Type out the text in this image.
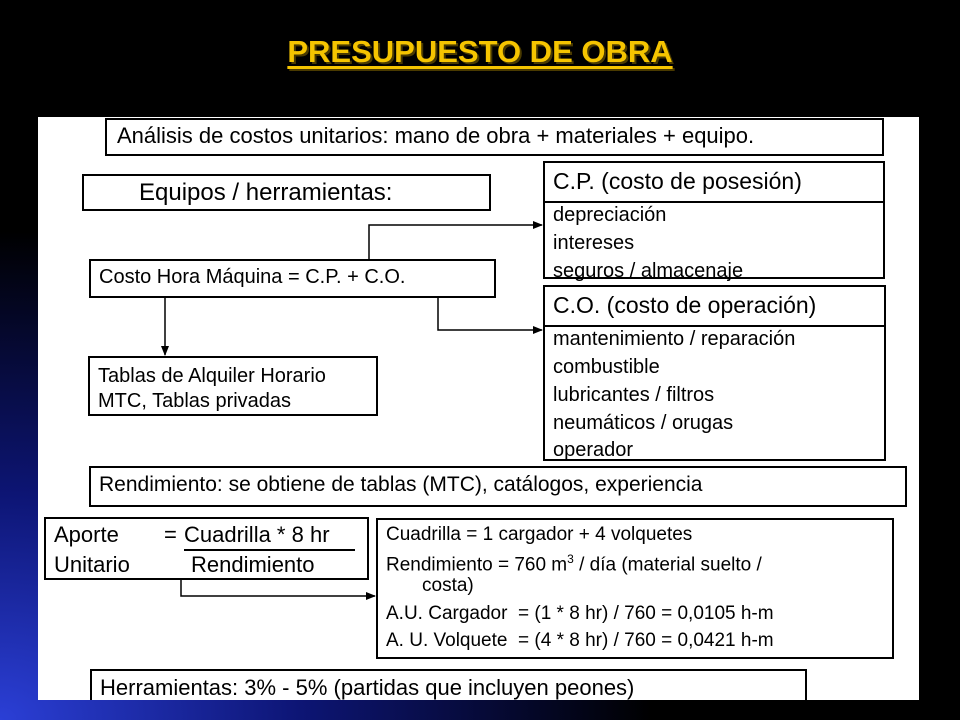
PRESUPUESTO DE OBRA
Análisis de costos unitarios: mano de obra + materiales + equipo.
Equipos / herramientas:
Costo Hora Máquina = C.P. + C.O.
Tablas de Alquiler Horario
MTC, Tablas privadas
C.P. (costo de posesión)
depreciación
intereses
seguros / almacenaje
C.O. (costo de operación)
mantenimiento / reparación
combustible
lubricantes / filtros
neumáticos / orugas
operador
Rendimiento: se obtiene de tablas (MTC), catálogos, experiencia
Aporte = Cuadrilla * 8 hr
Unitario	Rendimiento
Cuadrilla = 1 cargador + 4 volquetes
Rendimiento = 760 $m^3$ / día (material suelto /
costa)
A.U. Cargador  = (1 * 8 hr) / 760 = 0,0105 h-m
A. U. Volquete  = (4 * 8 hr) / 760 = 0,0421 h-m
Herramientas: 3% - 5% (partidas que incluyen peones)
